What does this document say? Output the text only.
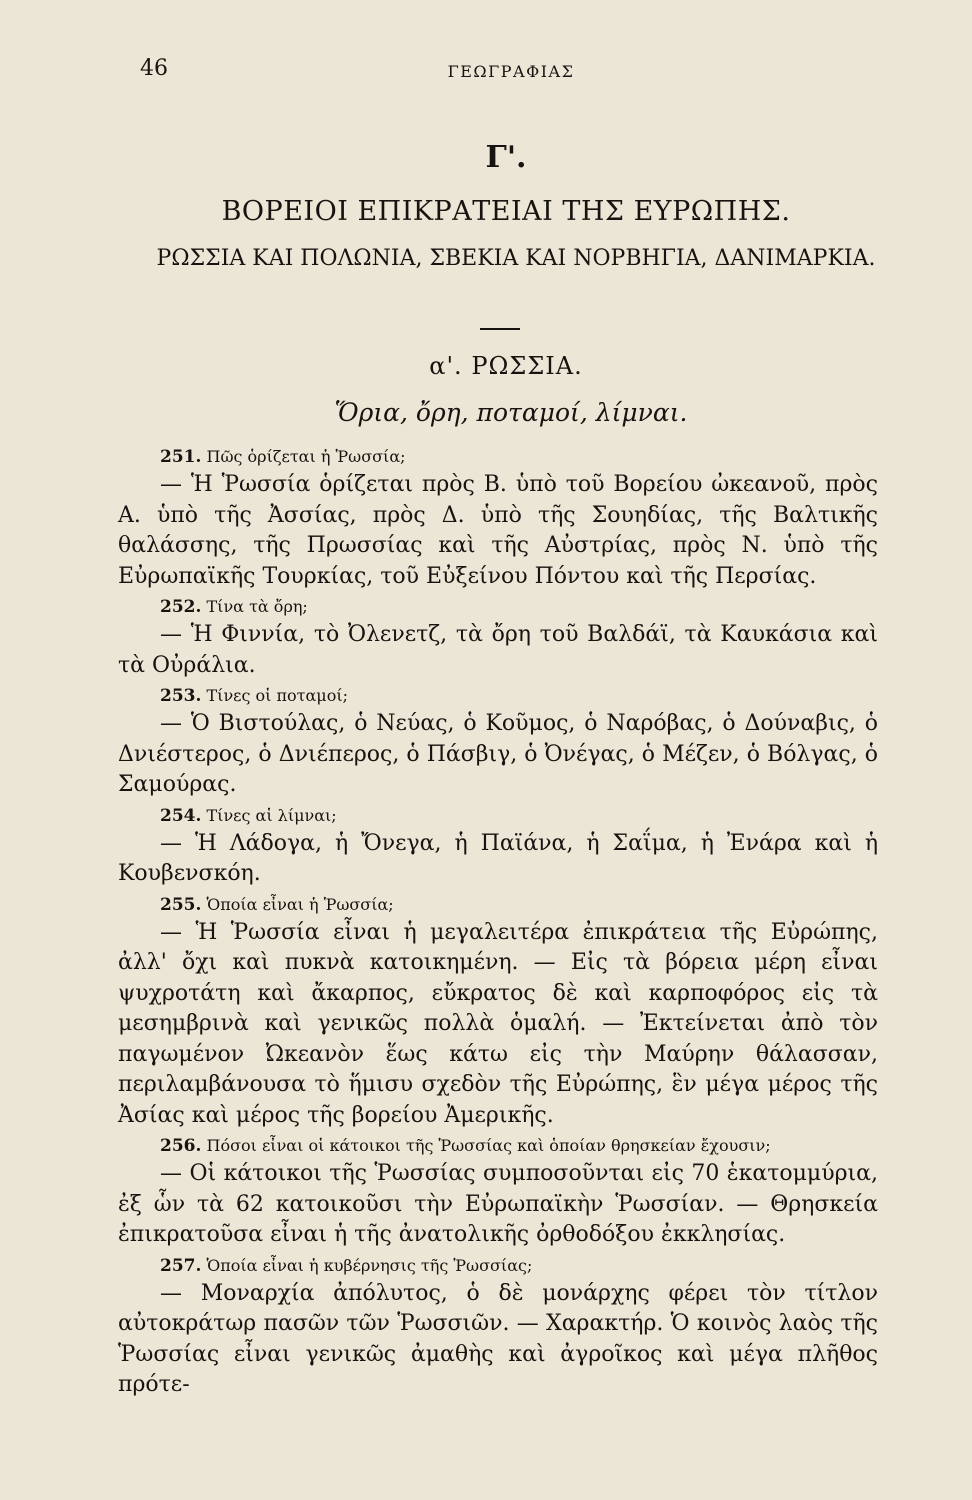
46	ΓΕΩΓΡΑΦΙΑΣ
Γ'.
ΒΟΡΕΙΟΙ ΕΠΙΚΡΑΤΕΙΑΙ ΤΗΣ ΕΥΡΩΠΗΣ.
ΡΩΣΣΙΑ ΚΑΙ ΠΟΛΩΝΙΑ, ΣΒΕΚΙΑ ΚΑΙ ΝΟΡΒΗΓΙΑ, ΔΑΝΙΜΑΡΚΙΑ.
α'. ΡΩΣΣΙΑ.
Ὅρια, ὄρη, ποταμοί, λίμναι.

251. Πῶς ὁρίζεται ἡ Ῥωσσία;

— Ἡ Ῥωσσία ὁρίζεται πρὸς Β. ὑπὸ τοῦ Βορείου ὠκεανοῦ, πρὸς Α. ὑπὸ τῆς Ἀσσίας, πρὸς Δ. ὑπὸ τῆς Σουηδίας, τῆς Βαλτικῆς θαλάσσης, τῆς Πρωσσίας καὶ τῆς Αὐστρίας, πρὸς Ν. ὑπὸ τῆς Εὐρωπαϊκῆς Τουρκίας, τοῦ Εὐξείνου Πόντου καὶ τῆς Περσίας.

252. Τίνα τὰ ὄρη;

— Ἡ Φιννία, τὸ Ὀλενετζ, τὰ ὄρη τοῦ Βαλδάϊ, τὰ Καυκάσια καὶ τὰ Οὐράλια.

253. Τίνες οἱ ποταμοί;

— Ὁ Βιστούλας, ὁ Νεύας, ὁ Κοῦμος, ὁ Ναρόβας, ὁ Δούναβις, ὁ Δνιέστερος, ὁ Δνιέπερος, ὁ Πάσβιγ, ὁ Ὀνέγας, ὁ Μέζεν, ὁ Βόλγας, ὁ Σαμούρας.

254. Τίνες αἱ λίμναι;

— Ἡ Λάδογα, ἡ Ὄνεγα, ἡ Παϊάνα, ἡ Σαΐμα, ἡ Ἐνάρα καὶ ἡ Κουβενσκόη.

255. Ὁποία εἶναι ἡ Ῥωσσία;

— Ἡ Ῥωσσία εἶναι ἡ μεγαλειτέρα ἐπικράτεια τῆς Εὐρώπης, ἀλλ' ὄχι καὶ πυκνὰ κατοικημένη. — Εἰς τὰ βόρεια μέρη εἶναι ψυχροτάτη καὶ ἄκαρπος, εὔκρατος δὲ καὶ καρποφόρος εἰς τὰ μεσημβρινὰ καὶ γενικῶς πολλὰ ὁμαλή. — Ἐκτείνεται ἀπὸ τὸν παγωμένον Ὠκεανὸν ἕως κάτω εἰς τὴν Μαύρην θάλασσαν, περιλαμβάνουσα τὸ ἥμισυ σχεδὸν τῆς Εὐρώπης, ἓν μέγα μέρος τῆς Ἀσίας καὶ μέρος τῆς βορείου Ἀμερικῆς.

256. Πόσοι εἶναι οἱ κάτοικοι τῆς Ῥωσσίας καὶ ὁποίαν θρησκείαν ἔχουσιν;

— Οἱ κάτοικοι τῆς Ῥωσσίας συμποσοῦνται εἰς 70 ἑκατομμύρια, ἐξ ὧν τὰ 62 κατοικοῦσι τὴν Εὐρωπαϊκὴν Ῥωσσίαν. — Θρησκεία ἐπικρατοῦσα εἶναι ἡ τῆς ἀνατολικῆς ὀρθοδόξου ἐκκλησίας.

257. Ὁποία εἶναι ἡ κυβέρνησις τῆς Ῥωσσίας;

— Μοναρχία ἀπόλυτος, ὁ δὲ μονάρχης φέρει τὸν τίτλον αὐτοκράτωρ πασῶν τῶν Ῥωσσιῶν. — Χαρακτήρ. Ὁ κοινὸς λαὸς τῆς Ῥωσσίας εἶναι γενικῶς ἀμαθὴς καὶ ἀγροῖκος καὶ μέγα πλῆθος πρότε-
